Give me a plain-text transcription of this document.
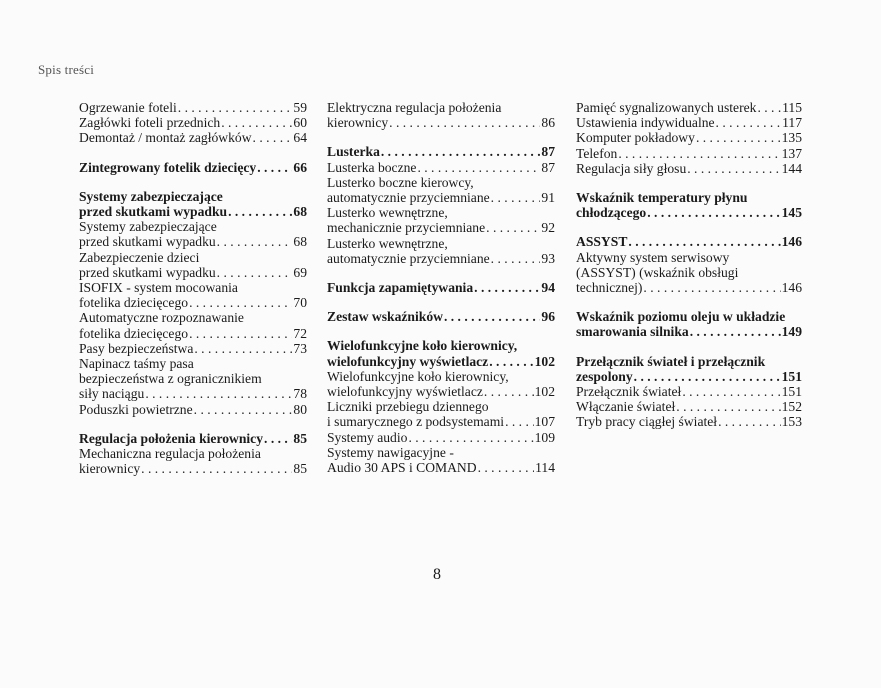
Spis treści
Ogrzewanie foteli . . .	59
Zagłówki foteli przednich . . .	60
Demontaż / montaż zagłówków . . .	64
Zintegrowany fotelik dziecięcy . . .	66
Systemy zabezpieczające
przed skutkami wypadku . . .	68
Systemy zabezpieczające
przed skutkami wypadku . . .	68
Zabezpieczenie dzieci
przed skutkami wypadku . . .	69
ISOFIX - system mocowania
fotelika dziecięcego . . .	70
Automatyczne rozpoznawanie
fotelika dziecięcego . . .	72
Pasy bezpieczeństwa . . .	73
Napinacz taśmy pasa
bezpieczeństwa z ogranicznikiem
siły naciągu . . .	78
Poduszki powietrzne . . .	80
Regulacja położenia kierownicy . . . 85
Mechaniczna regulacja położenia
kierownicy . . .	85
Elektryczna regulacja położenia
kierownicy . . .	86
Lusterka . . .	87
Lusterka boczne . . .	87
Lusterko boczne kierowcy,
automatycznie przyciemniane . . .	91
Lusterko wewnętrzne,
mechanicznie przyciemniane . . .	92
Lusterko wewnętrzne,
automatycznie przyciemniane . . .	93
Funkcja zapamiętywania . . .	94
Zestaw wskaźników . . .	96
Wielofunkcyjne koło kierownicy,
wielofunkcyjny wyświetlacz . . .	102
Wielofunkcyjne koło kierownicy,
wielofunkcyjny wyświetlacz . . .	102
Liczniki przebiegu dziennego
i sumarycznego z podsystemami . . . 107
Systemy audio . . .	109
Systemy nawigacyjne -
Audio 30 APS i COMAND . . .	114
Pamięć sygnalizowanych usterek . . . 115
Ustawienia indywidualne . . .	117
Komputer pokładowy . . .	135
Telefon . . .	137
Regulacja siły głosu . . .	144
Wskaźnik temperatury płynu
chłodzącego . . .	145
ASSYST . . .	146
Aktywny system serwisowy
(ASSYST) (wskaźnik obsługi
technicznej) . . .	146
Wskaźnik poziomu oleju w układzie
smarowania silnika . . .	149
Przełącznik świateł i przełącznik
zespolony . . .	151
Przełącznik świateł . . .	151
Włączanie świateł . . .	152
Tryb pracy ciągłej świateł . . .	153
8
